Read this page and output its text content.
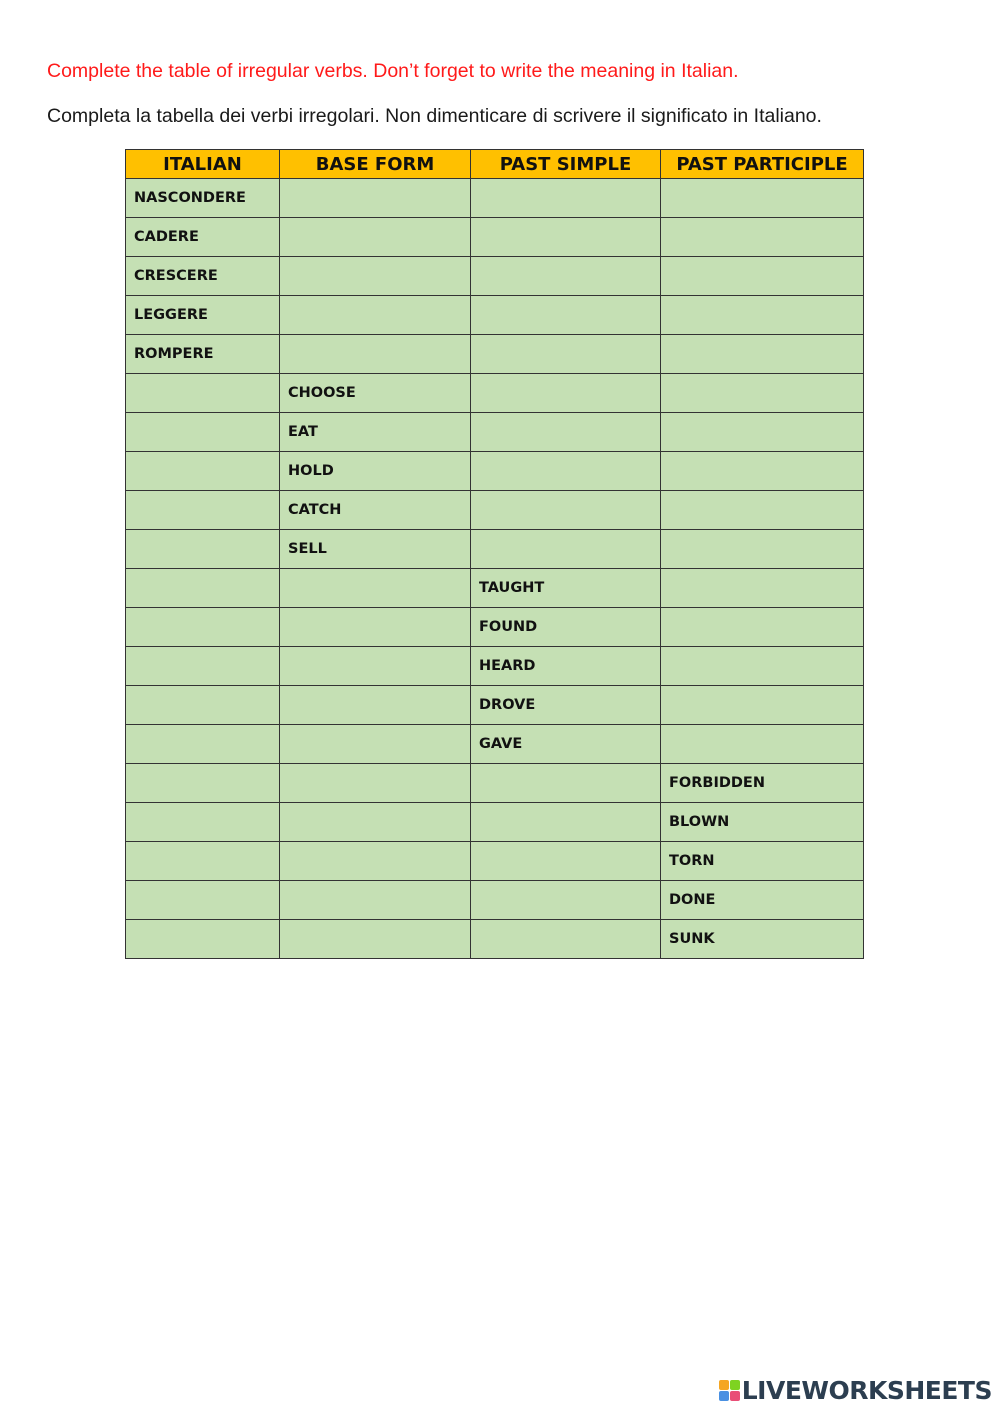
Complete the table of irregular verbs. Don’t forget to write the meaning in Italian.
Completa la tabella dei verbi irregolari. Non dimenticare di scrivere il significato in Italiano.
ITALIAN	BASE FORM	PAST SIMPLE	PAST PARTICIPLE
NASCONDERE			
CADERE			
CRESCERE			
LEGGERE			
ROMPERE			
	CHOOSE		
	EAT		
	HOLD		
	CATCH		
	SELL		
		TAUGHT	
		FOUND	
		HEARD	
		DROVE	
		GAVE	
			FORBIDDEN
			BLOWN
			TORN
			DONE
			SUNK
LIVEWORKSHEETS
